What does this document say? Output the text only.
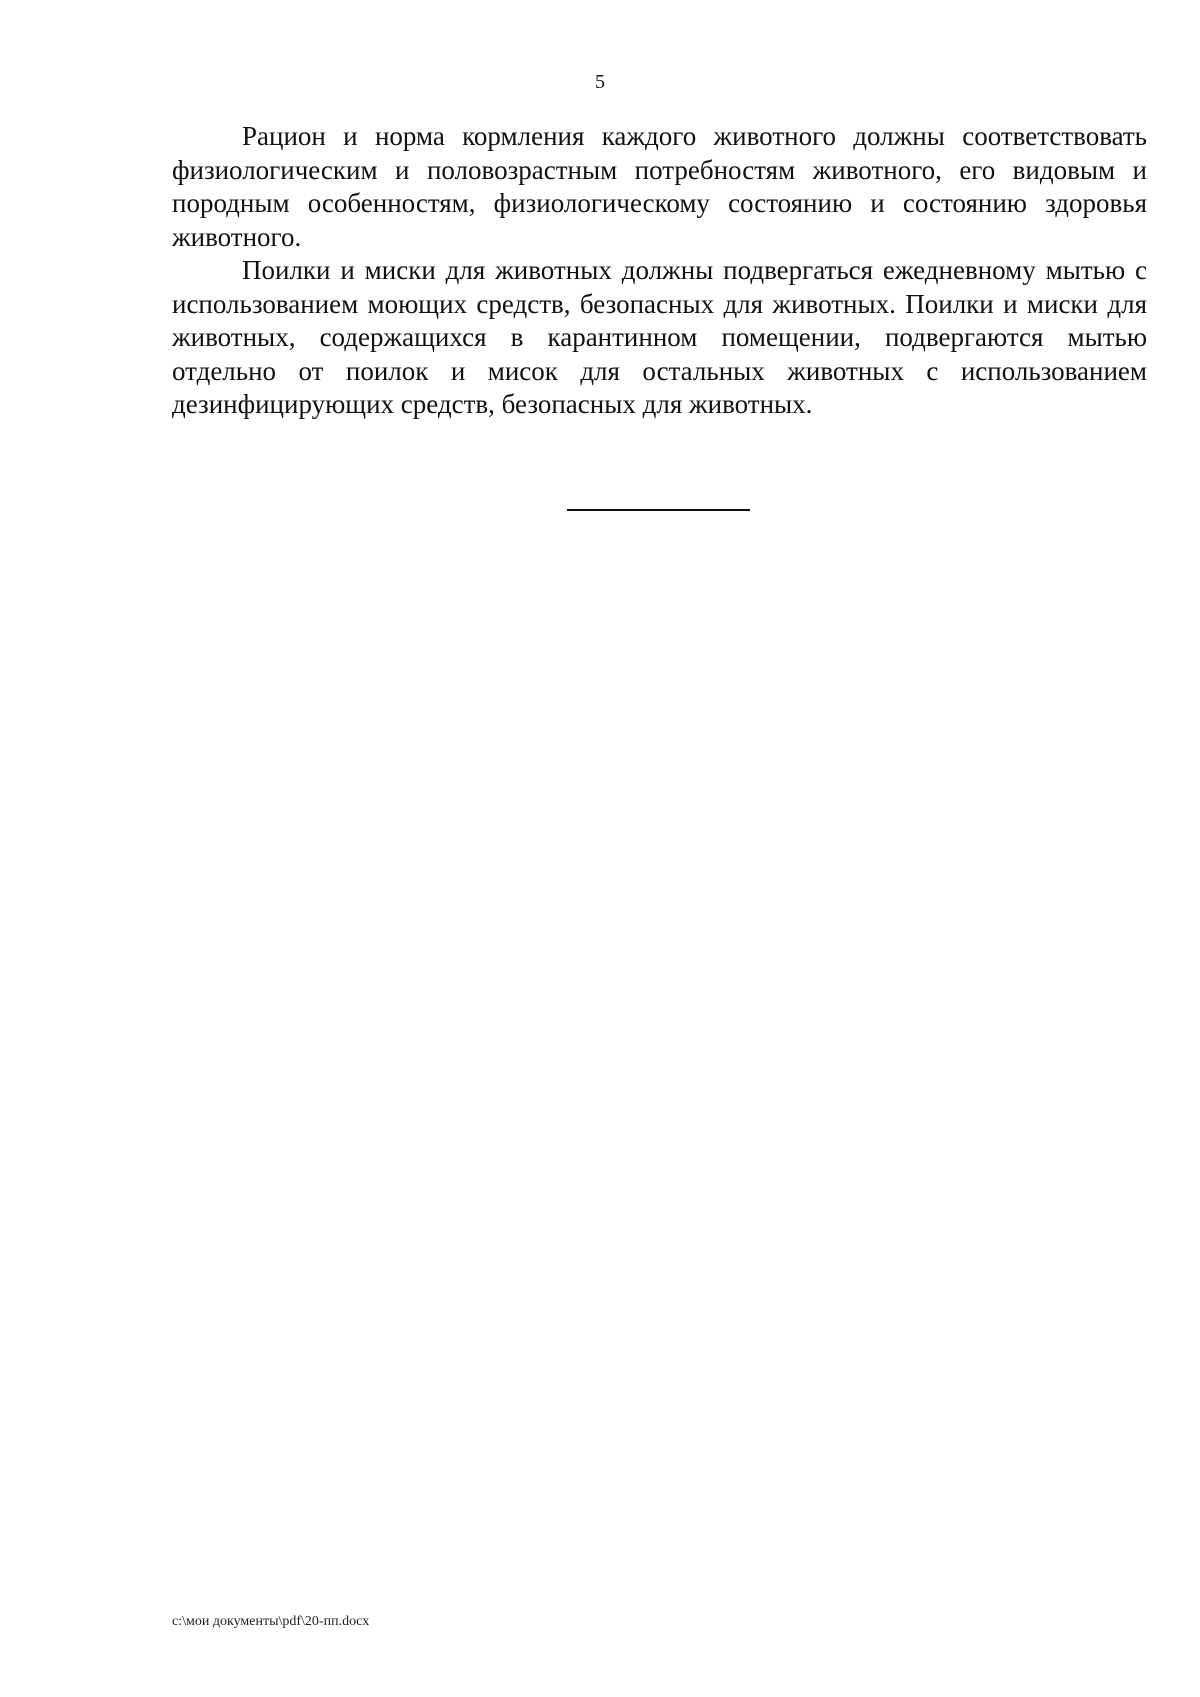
5

Рацион и норма кормления каждого животного должны соответствовать физиологическим и половозрастным потребностям животного, его видовым и породным особенностям, физиологическому состоянию и состоянию здоровья животного.

Поилки и миски для животных должны подвергаться ежедневному мытью с использованием моющих средств, безопасных для животных. Поилки и миски для животных, содержащихся в карантинном помещении, подвергаются мытью отдельно от поилок и мисок для остальных животных с использованием дезинфицирующих средств, безопасных для животных.

c:\мои документы\pdf\20-пп.docx
